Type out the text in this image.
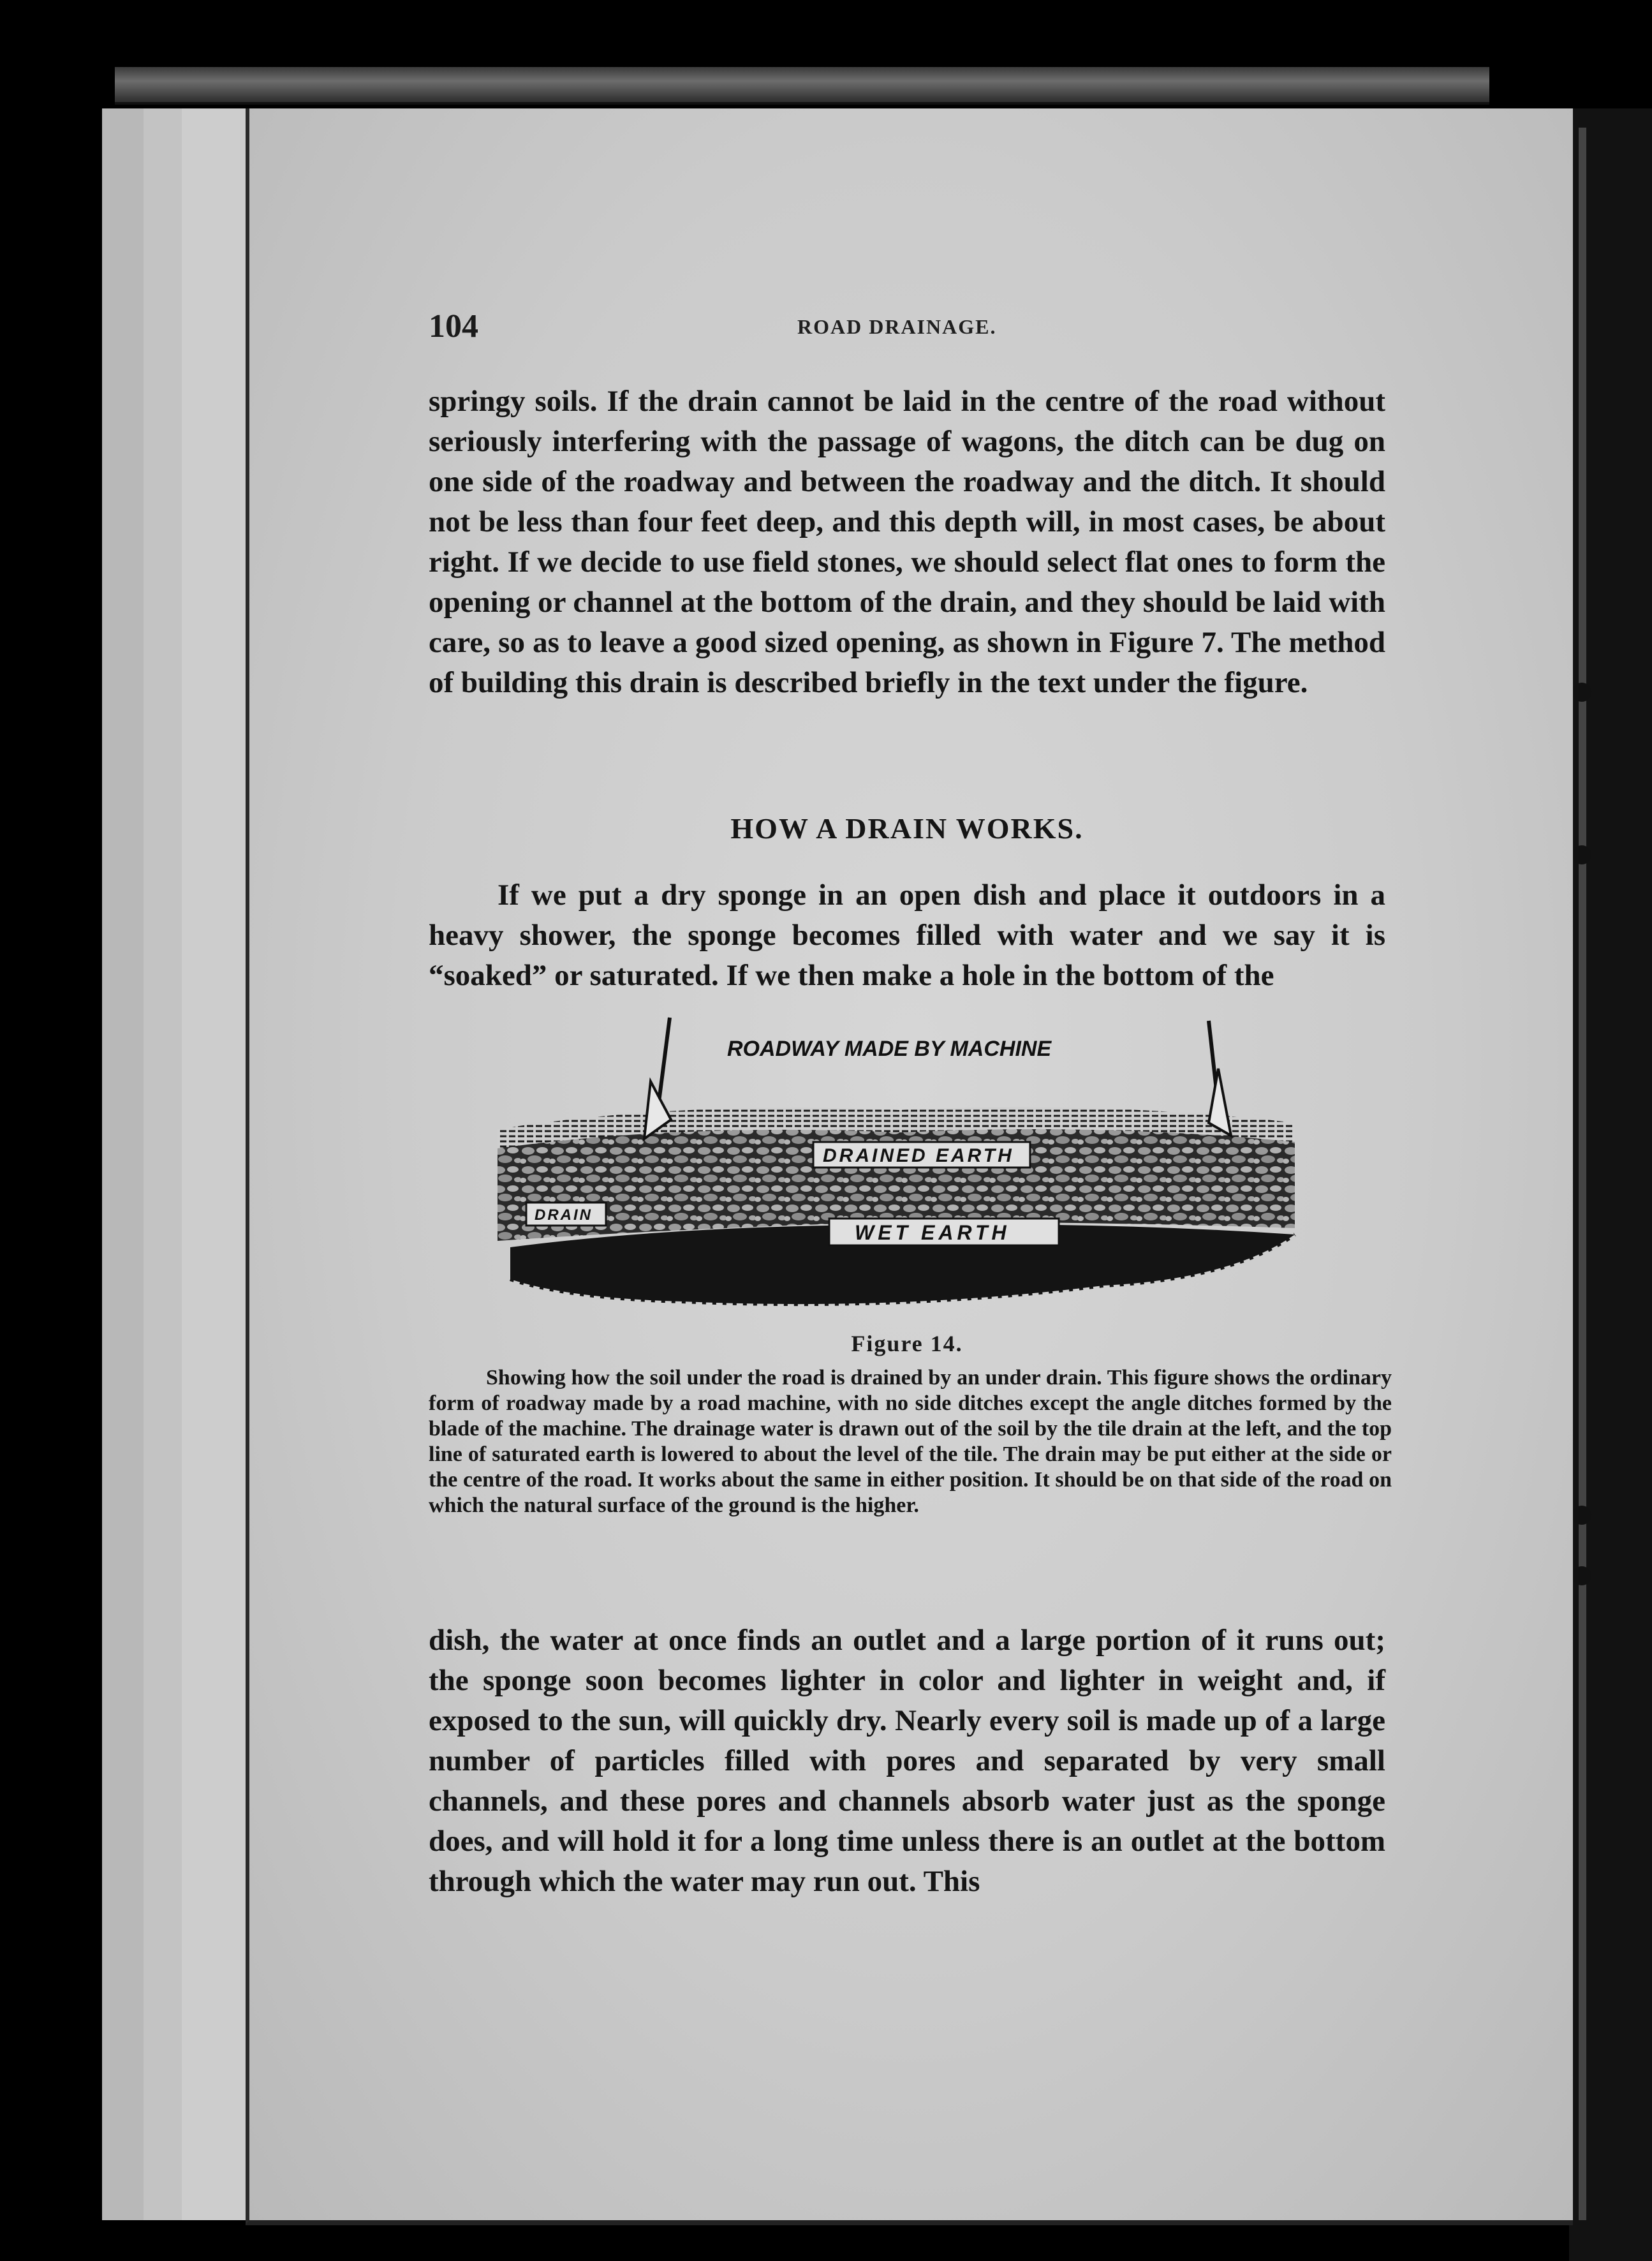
104	ROAD DRAINAGE.

springy soils. If the drain cannot be laid in the centre of the road without seriously interfering with the passage of wagons, the ditch can be dug on one side of the roadway and between the roadway and the ditch. It should not be less than four feet deep, and this depth will, in most cases, be about right. If we decide to use field stones, we should select flat ones to form the opening or channel at the bottom of the drain, and they should be laid with care, so as to leave a good sized opening, as shown in Figure 7. The method of building this drain is described briefly in the text under the figure.

HOW A DRAIN WORKS.

If we put a dry sponge in an open dish and place it outdoors in a heavy shower, the sponge becomes filled with water and we say it is “soaked” or saturated. If we then make a hole in the bottom of the

ROADWAY MADE BY MACHINE
DRAINED EARTH
DRAIN
WET EARTH
Figure 14.

Showing how the soil under the road is drained by an under drain. This figure shows the ordinary form of roadway made by a road machine, with no side ditches except the angle ditches formed by the blade of the machine. The drainage water is drawn out of the soil by the tile drain at the left, and the top line of saturated earth is lowered to about the level of the tile. The drain may be put either at the side or the centre of the road. It works about the same in either position. It should be on that side of the road on which the natural surface of the ground is the higher.

dish, the water at once finds an outlet and a large portion of it runs out; the sponge soon becomes lighter in color and lighter in weight and, if exposed to the sun, will quickly dry. Nearly every soil is made up of a large number of particles filled with pores and separated by very small channels, and these pores and channels absorb water just as the sponge does, and will hold it for a long time unless there is an outlet at the bottom through which the water may run out. This
